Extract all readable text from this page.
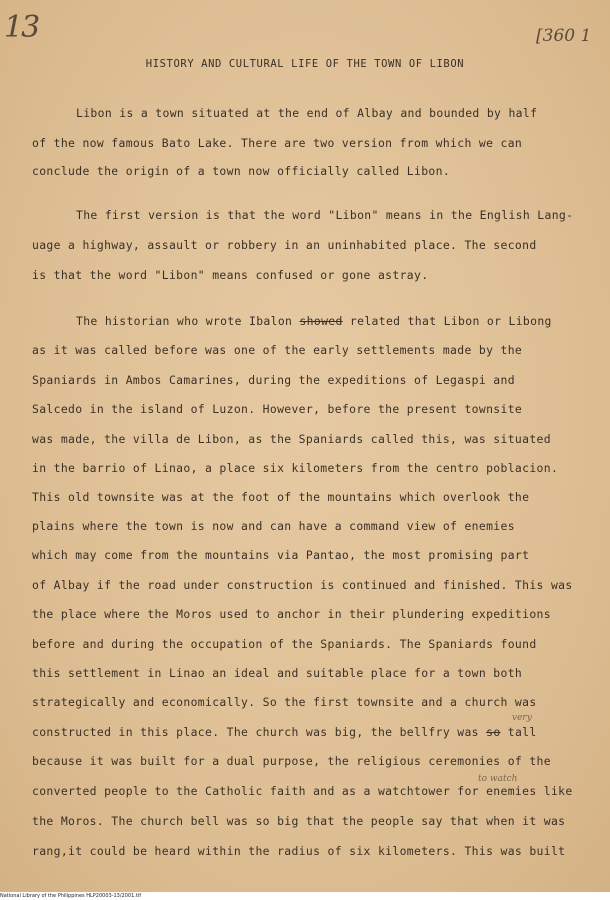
13	[360 1
HISTORY AND CULTURAL LIFE OF THE TOWN OF LIBON
Libon is a town situated at the end of Albay and bounded by half
of the now famous Bato Lake. There are two version from which we can
conclude the origin of a town now officially called Libon.
The first version is that the word "Libon" means in the English Lang-
uage a highway, assault or robbery in an uninhabited place. The second
is that the word "Libon" means confused or gone astray.
The historian who wrote Ibalon showed related that Libon or Libong
as it was called before was one of the early settlements made by the
Spaniards in Ambos Camarines, during the expeditions of Legaspi and
Salcedo in the island of Luzon. However, before the present townsite
was made, the villa de Libon, as the Spaniards called this, was situated
in the barrio of Linao, a place six kilometers from the centro poblacion.
This old townsite was at the foot of the mountains which overlook the
plains where the town is now and can have a command view of enemies
which may come from the mountains via Pantao, the most promising part
of Albay if the road under construction is continued and finished. This was
the place where the Moros used to anchor in their plundering expeditions
before and during the occupation of the Spaniards. The Spaniards found
this settlement in Linao an ideal and suitable place for a town both
strategically and economically. So the first townsite and a church was
constructed in this place. The church was big, the bellfry was so tall
because it was built for a dual purpose, the religious ceremonies of the
converted people to the Catholic faith and as a watchtower for enemies like
the Moros. The church bell was so big that the people say that when it was
rang,it could be heard within the radius of six kilometers. This was built
very
to watch
National Library of the Philippines HLP20003-13/2001.tif
